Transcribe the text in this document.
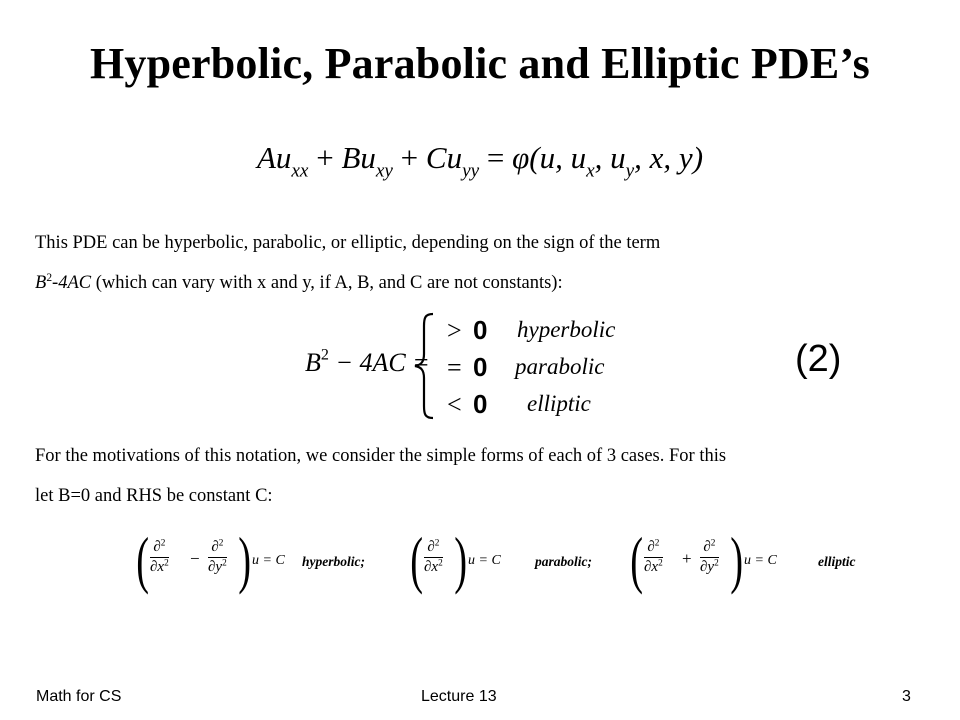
Hyperbolic, Parabolic and Elliptic PDE’s
$Au_{xx} + Bu_{xy} + Cu_{yy} = \varphi(u$, $u_x$, $u_y$, x, y)
This PDE can be hyperbolic, parabolic, or elliptic, depending on the sign of the term
$B^2-4AC$ (which can vary with x and y, if A, B, and C are not constants):
$B^2 - 4AC$ =
> 0 hyperbolic
= 0 parabolic
< 0 elliptic
(2)
For the motivations of this notation, we consider the simple forms of each of 3 cases. For this
let B=0 and RHS be constant C:
( $\frac{\partial^2}{\partial x^2} - \frac{\partial^2}{\partial y^2}$ ) u = C hyperbolic; ( $\frac{\partial^2}{\partial x^2}$ ) u = C	parabolic; ( $\frac{\partial^2}{\partial x^2} + \frac{\partial^2}{\partial y^2}$ ) u = C	elliptic
Math for CS	Lecture 13	3
